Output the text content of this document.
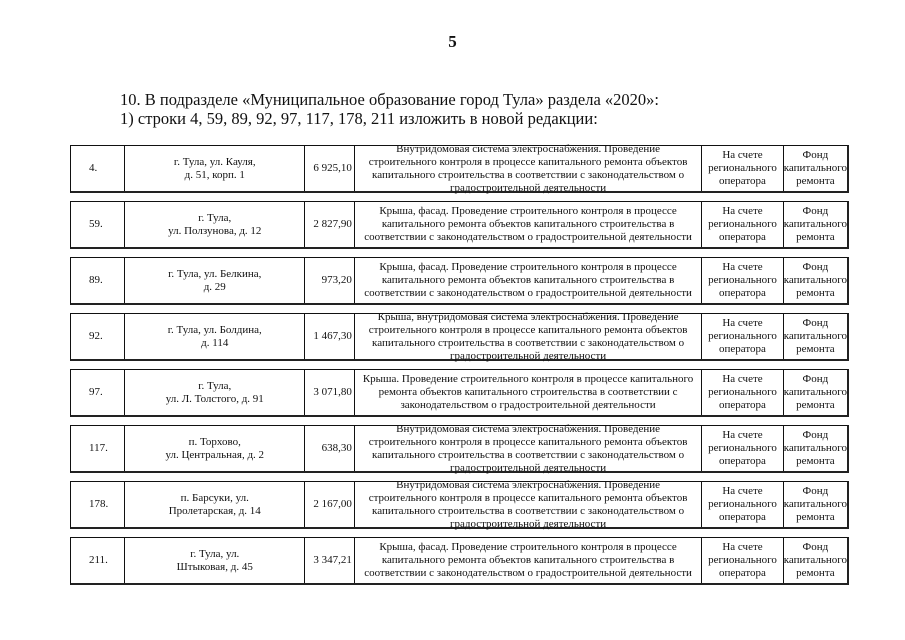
5
10. В подразделе «Муниципальное образование город Тула» раздела «2020»:
1) строки 4, 59, 89, 92, 97, 117, 178, 211 изложить в новой редакции:
4.
г. Тула, ул. Кауля,
д. 51, корп. 1
6 925,10
Внутридомовая система электроснабжения. Проведение строительного контроля в процессе капитального ремонта объектов капитального строительства в соответствии с законодательством о градостроительной деятельности
На счете
регионального
оператора
Фонд
капитального
ремонта
59.
г. Тула,
ул. Ползунова, д. 12
2 827,90
Крыша, фасад. Проведение строительного контроля в процессе капитального ремонта объектов капитального строительства в соответствии с законодательством о градостроительной деятельности
На счете
регионального
оператора
Фонд
капитального
ремонта
89.
г. Тула, ул. Белкина,
д. 29
973,20
Крыша, фасад. Проведение строительного контроля в процессе капитального ремонта объектов капитального строительства в соответствии с законодательством о градостроительной деятельности
На счете
регионального
оператора
Фонд
капитального
ремонта
92.
г. Тула, ул. Болдина,
д. 114
1 467,30
Крыша, внутридомовая система электроснабжения. Проведение строительного контроля в процессе капитального ремонта объектов капитального строительства в соответствии с законодательством о градостроительной деятельности
На счете
регионального
оператора
Фонд
капитального
ремонта
97.
г. Тула,
ул. Л. Толстого, д. 91
3 071,80
Крыша. Проведение строительного контроля в процессе капитального ремонта объектов капитального строительства в соответствии с законодательством о градостроительной деятельности
На счете
регионального
оператора
Фонд
капитального
ремонта
117.
п. Торхово,
ул. Центральная, д. 2
638,30
Внутридомовая система электроснабжения. Проведение строительного контроля в процессе капитального ремонта объектов капитального строительства в соответствии с законодательством о градостроительной деятельности
На счете
регионального
оператора
Фонд
капитального
ремонта
178.
п. Барсуки, ул.
Пролетарская, д. 14
2 167,00
Внутридомовая система электроснабжения. Проведение строительного контроля в процессе капитального ремонта объектов капитального строительства в соответствии с законодательством о градостроительной деятельности
На счете
регионального
оператора
Фонд
капитального
ремонта
211.
г. Тула, ул.
Штыковая, д. 45
3 347,21
Крыша, фасад. Проведение строительного контроля в процессе капитального ремонта объектов капитального строительства в соответствии с законодательством о градостроительной деятельности
На счете
регионального
оператора
Фонд
капитального
ремонта
